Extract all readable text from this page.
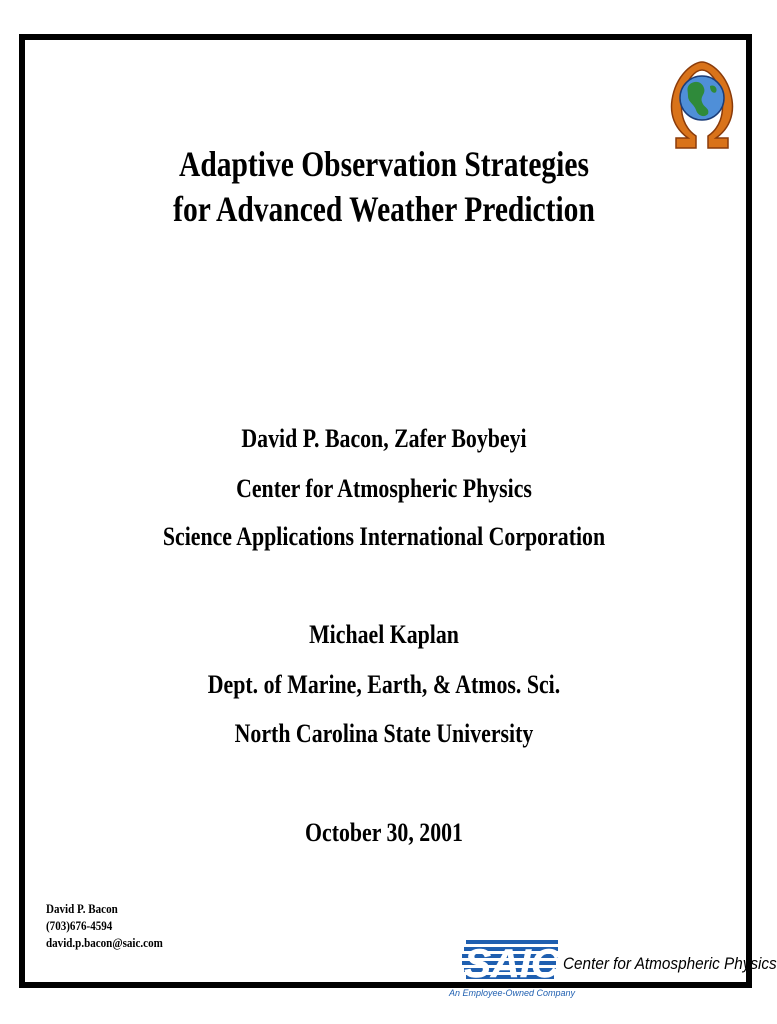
Adaptive Observation Strategies
for Advanced Weather Prediction
David P. Bacon, Zafer Boybeyi
Center for Atmospheric Physics
Science Applications International Corporation
Michael Kaplan
Dept. of Marine, Earth, & Atmos. Sci.
North Carolina State University
October 30, 2001
David P. Bacon
(703)676-4594
david.p.bacon@saic.com	SAIC
An Employee-Owned Company
Center for Atmospheric Physics
